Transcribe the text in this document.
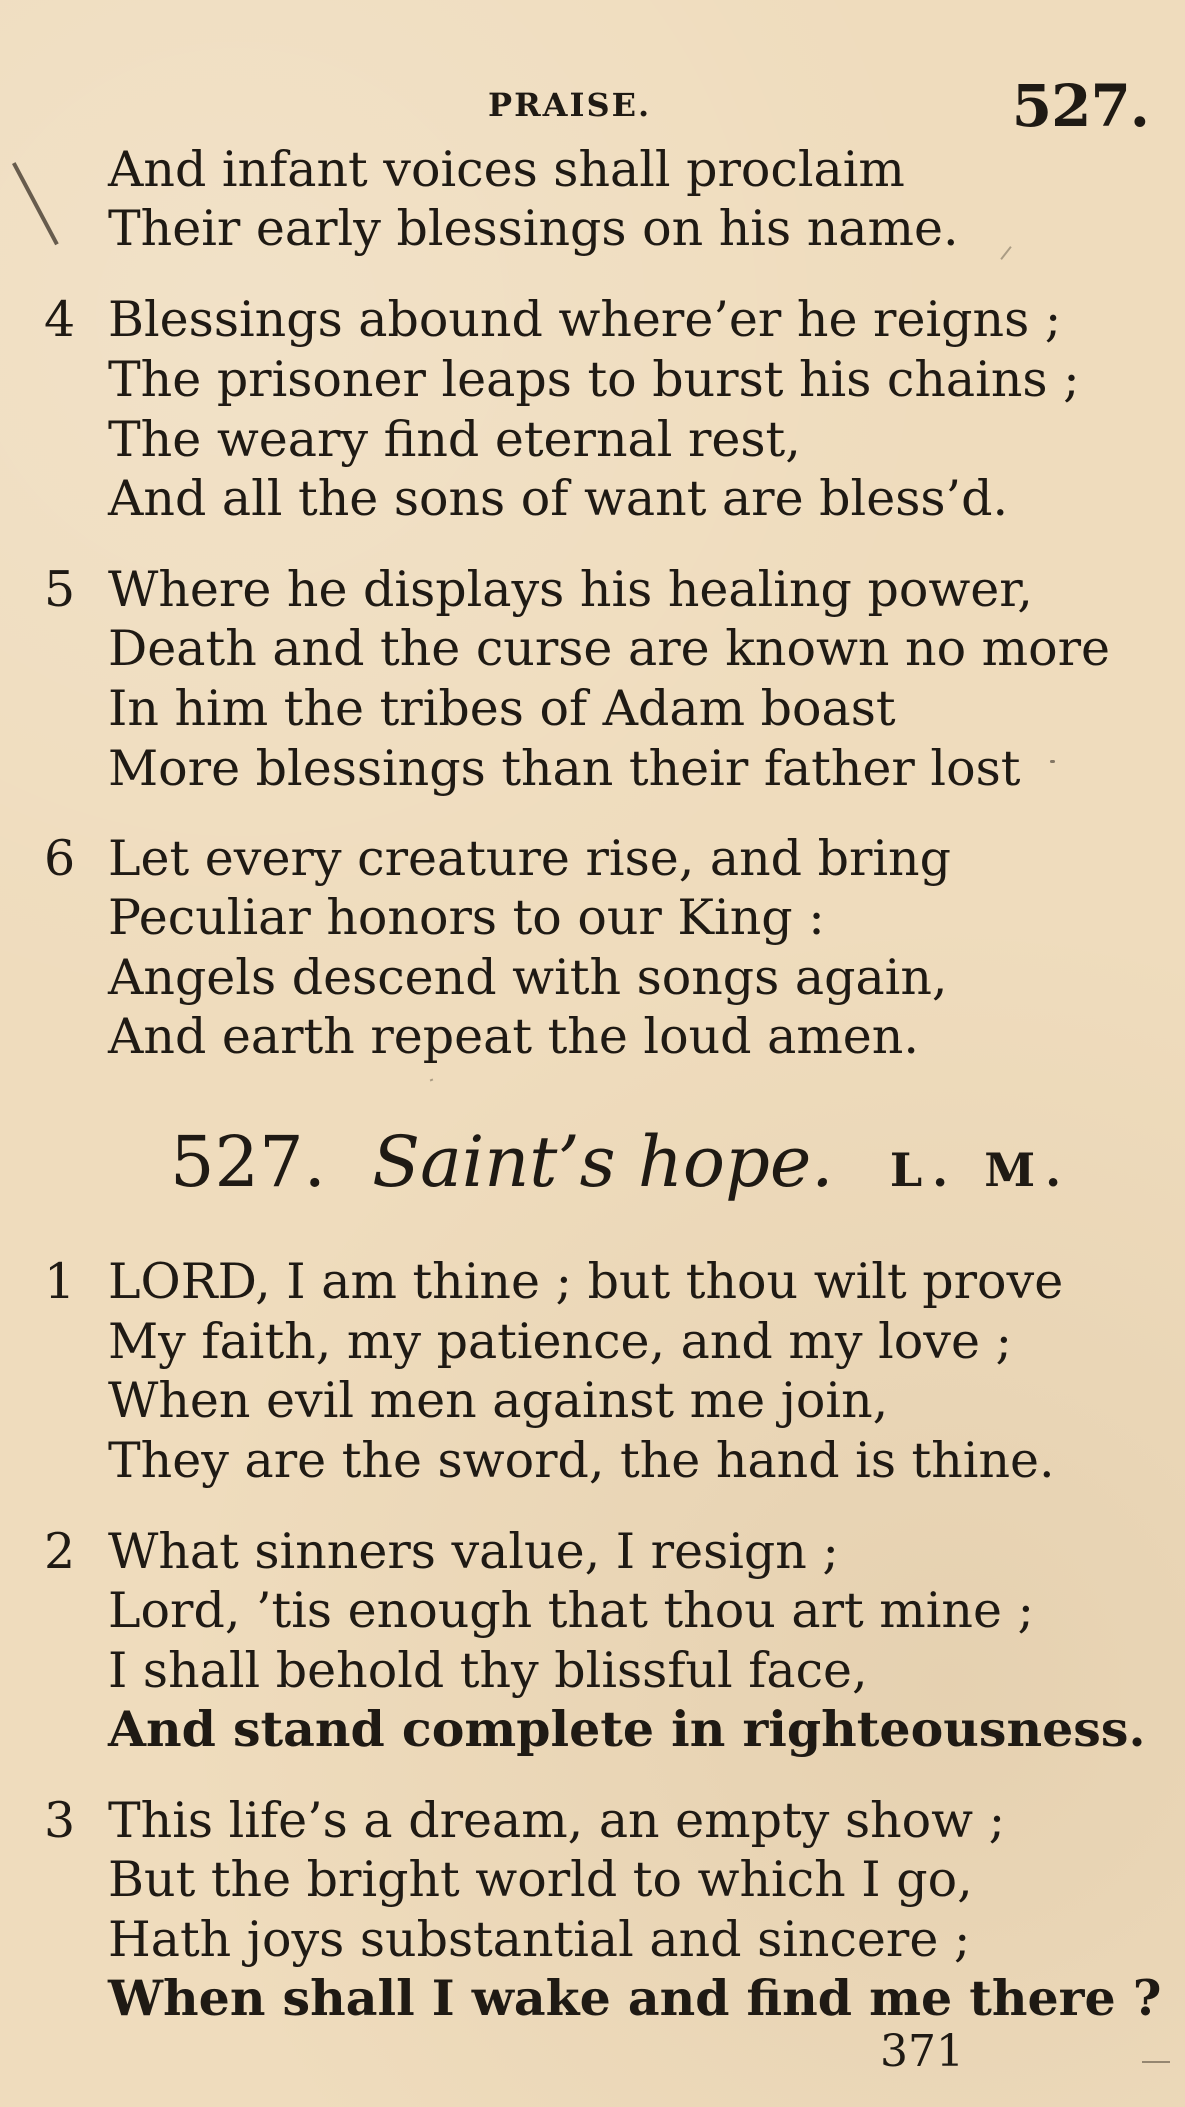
PRAISE.	527.
And infant voices shall proclaim
Their early blessings on his name.
4 Blessings abound where’er he reigns ;
The prisoner leaps to burst his chains ;
The weary find eternal rest,
And all the sons of want are bless’d.
5 Where he displays his healing power,
Death and the curse are known no more
In him the tribes of Adam boast
More blessings than their father lost
6 Let every creature rise, and bring
Peculiar honors to our King :
Angels descend with songs again,
And earth repeat the loud amen.
527. Saint’s hope. L. M.
1 LORD, I am thine ; but thou wilt prove
My faith, my patience, and my love ;
When evil men against me join,
They are the sword, the hand is thine.
2 What sinners value, I resign ;
Lord, ’tis enough that thou art mine ;
I shall behold thy blissful face,
And stand complete in righteousness.
3 This life’s a dream, an empty show ;
But the bright world to which I go,
Hath joys substantial and sincere ;
When shall I wake and find me there ?
371
